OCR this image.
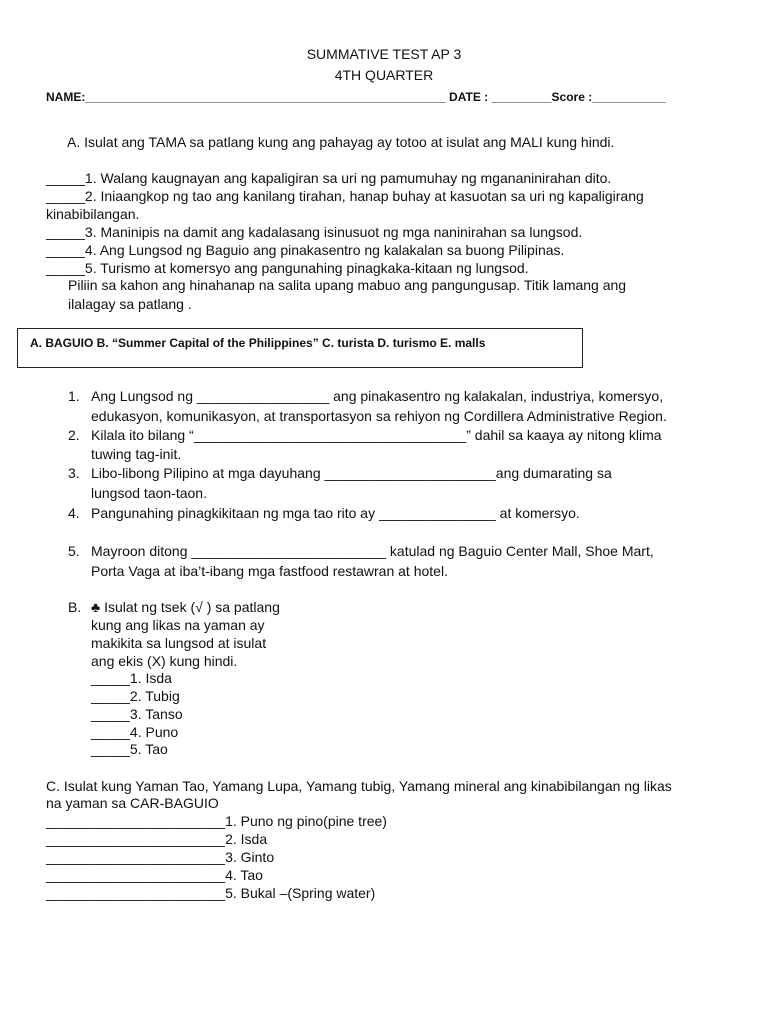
SUMMATIVE TEST AP 3
4TH QUARTER
NAME:______________________________________________________ DATE : _________Score :___________
A. Isulat ang TAMA sa patlang kung ang pahayag ay totoo at isulat ang MALI kung hindi.
_____1. Walang kaugnayan ang kapaligiran sa uri ng pamumuhay ng mgananinirahan dito.
_____2. Iniaangkop ng tao ang kanilang tirahan, hanap buhay at kasuotan sa uri ng kapaligirang
kinabibilangan.
_____3. Maninipis na damit ang kadalasang isinusuot ng mga naninirahan sa lungsod.
_____4. Ang Lungsod ng Baguio ang pinakasentro ng kalakalan sa buong Pilipinas.
_____5. Turismo at komersyo ang pangunahing pinagkaka-kitaan ng lungsod.
Piliin sa kahon ang hinahanap na salita upang mabuo ang pangungusap. Titik lamang ang
ilalagay sa patlang .
A. BAGUIO B. “Summer Capital of the Philippines” C. turista D. turismo E. malls
1. Ang Lungsod ng _________________ ang pinakasentro ng kalakalan, industriya, komersyo,
edukasyon, komunikasyon, at transportasyon sa rehiyon ng Cordillera Administrative Region.
2. Kilala ito bilang “___________________________________” dahil sa kaaya ay nitong klima
tuwing tag-init.
3. Libo-libong Pilipino at mga dayuhang ______________________ang dumarating sa
lungsod taon-taon.
4. Pangunahing pinagkikitaan ng mga tao rito ay _______________ at komersyo.
5. Mayroon ditong _________________________ katulad ng Baguio Center Mall, Shoe Mart,
Porta Vaga at iba’t-ibang mga fastfood restawran at hotel.
B. ♣ Isulat ng tsek (√ ) sa patlang
kung ang likas na yaman ay
makikita sa lungsod at isulat
ang ekis (X) kung hindi.
_____1. Isda
_____2. Tubig
_____3. Tanso
_____4. Puno
_____5. Tao
C. Isulat kung Yaman Tao, Yamang Lupa, Yamang tubig, Yamang mineral ang kinabibilangan ng likas
na yaman sa CAR-BAGUIO
_______________________1. Puno ng pino(pine tree)
_______________________2. Isda
_______________________3. Ginto
_______________________4. Tao
_______________________5. Bukal –(Spring water)
